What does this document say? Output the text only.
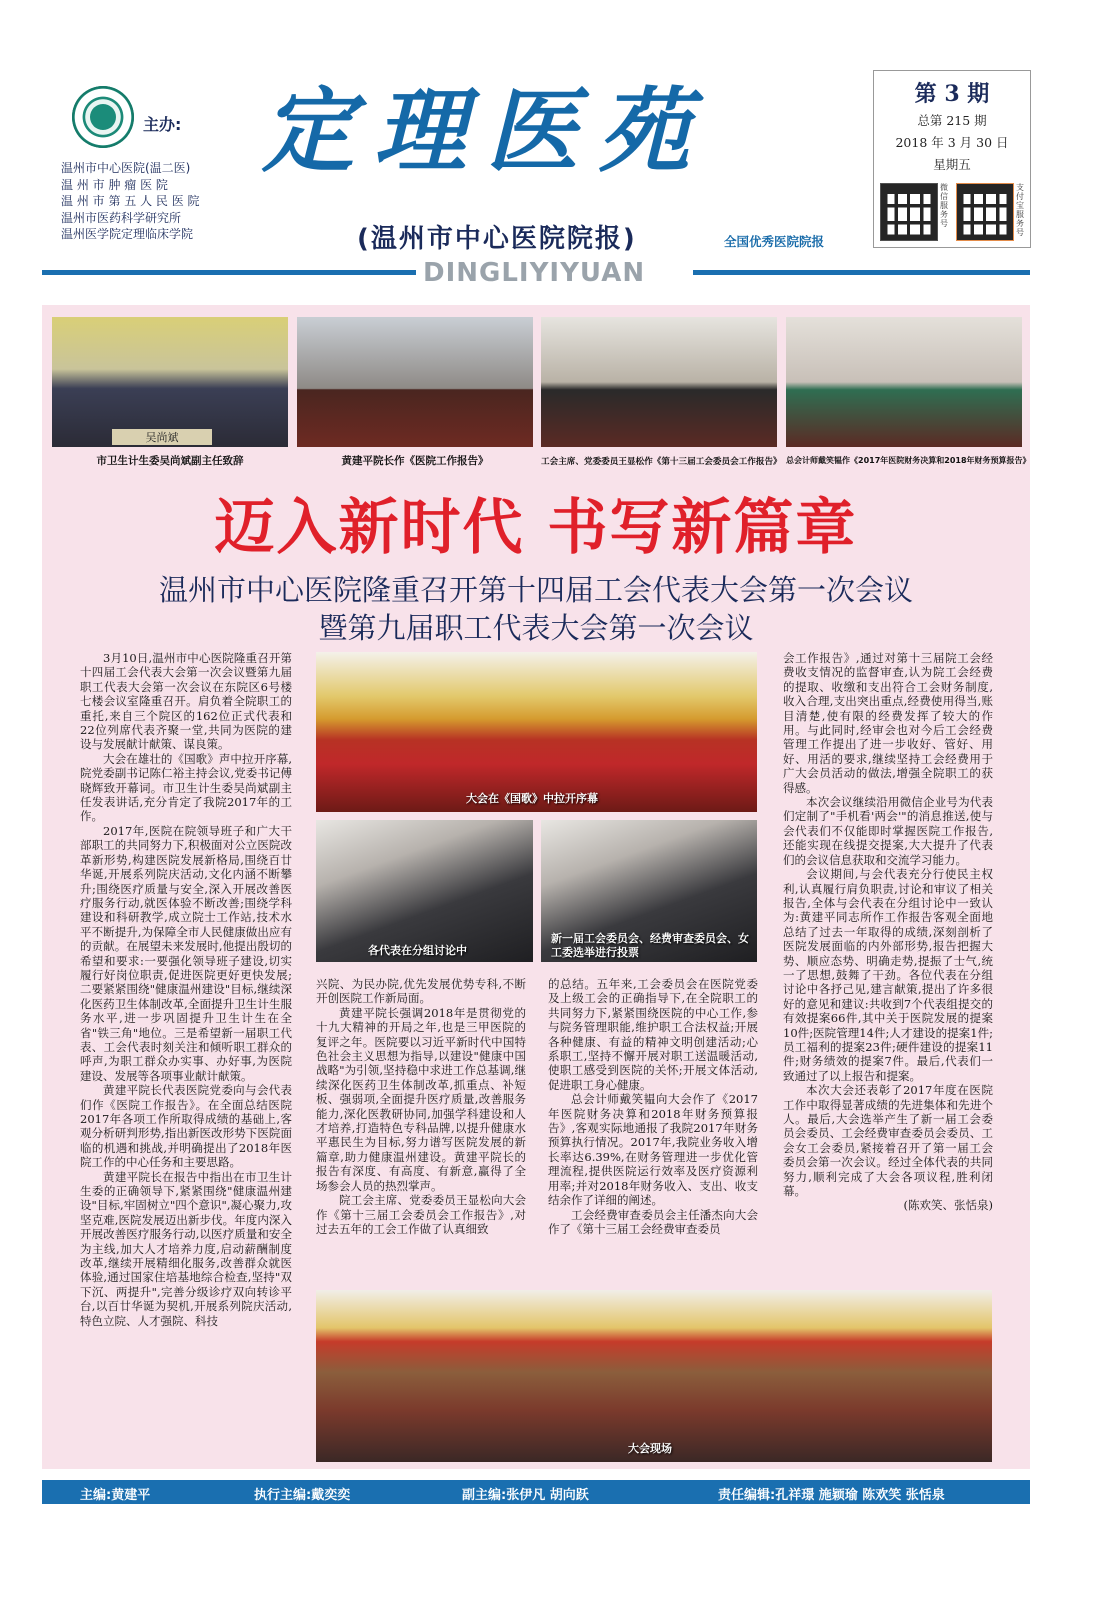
主办:
温州市中心医院(温二医)
温 州 市 肿 瘤 医 院
温 州 市 第 五 人 民 医 院
温州市医药科学研究所
温州医学院定理临床学院
定理医苑
(温州市中心医院院报)	全国优秀医院院报
DINGLIYIYUAN
第 3 期
总第 215 期
2018 年 3 月 30 日
星期五
微信服务号
支付宝服务号
吴尚斌
市卫生计生委吴尚斌副主任致辞	黄建平院长作《医院工作报告》	工会主席、党委委员王显松作《第十三届工会委员会工作报告》 总会计师戴笑韫作《2017年医院财务决算和2018年财务预算报告》
迈入新时代 书写新篇章
温州市中心医院隆重召开第十四届工会代表大会第一次会议
暨第九届职工代表大会第一次会议

3月10日,温州市中心医院隆重召开第十四届工会代表大会第一次会议暨第九届职工代表大会第一次会议在东院区6号楼七楼会议室隆重召开。肩负着全院职工的重托,来自三个院区的162位正式代表和22位列席代表齐聚一堂,共同为医院的建设与发展献计献策、谋良策。

大会在雄壮的《国歌》声中拉开序幕,院党委副书记陈仁裕主持会议,党委书记傅晓辉致开幕词。市卫生计生委吴尚斌副主任发表讲话,充分肯定了我院2017年的工作。

2017年,医院在院领导班子和广大干部职工的共同努力下,积极面对公立医院改革新形势,构建医院发展新格局,围绕百廿华诞,开展系列院庆活动,文化内涵不断攀升;围绕医疗质量与安全,深入开展改善医疗服务行动,就医体验不断改善;围绕学科建设和科研教学,成立院士工作站,技术水平不断提升,为保障全市人民健康做出应有的贡献。在展望未来发展时,他提出殷切的希望和要求:一要强化领导班子建设,切实履行好岗位职责,促进医院更好更快发展;二要紧紧围绕"健康温州建设"目标,继续深化医药卫生体制改革,全面提升卫生计生服务水平,进一步巩固提升卫生计生在全省"铁三角"地位。三是希望新一届职工代表、工会代表时刻关注和倾听职工群众的呼声,为职工群众办实事、办好事,为医院建设、发展等各项事业献计献策。

黄建平院长代表医院党委向与会代表们作《医院工作报告》。在全面总结医院2017年各项工作所取得成绩的基础上,客观分析研判形势,指出新医改形势下医院面临的机遇和挑战,并明确提出了2018年医院工作的中心任务和主要思路。

黄建平院长在报告中指出在市卫生计生委的正确领导下,紧紧围绕"健康温州建设"目标,牢固树立"四个意识",凝心聚力,攻坚克难,医院发展迈出新步伐。年度内深入开展改善医疗服务行动,以医疗质量和安全为主线,加大人才培养力度,启动薪酬制度改革,继续开展精细化服务,改善群众就医体验,通过国家住培基地综合检查,坚持"双下沉、两提升",完善分级诊疗双向转诊平台,以百廿华诞为契机,开展系列院庆活动,特色立院、人才强院、科技

大会在《国歌》中拉开序幕
各代表在分组讨论中
新一届工会委员会、经费审查委员会、女工委选举进行投票

兴院、为民办院,优先发展优势专科,不断开创医院工作新局面。

黄建平院长强调2018年是贯彻党的十九大精神的开局之年,也是三甲医院的复评之年。医院要以习近平新时代中国特色社会主义思想为指导,以建设"健康中国战略"为引领,坚持稳中求进工作总基调,继续深化医药卫生体制改革,抓重点、补短板、强弱项,全面提升医疗质量,改善服务能力,深化医教研协同,加强学科建设和人才培养,打造特色专科品牌,以提升健康水平惠民生为目标,努力谱写医院发展的新篇章,助力健康温州建设。黄建平院长的报告有深度、有高度、有新意,赢得了全场参会人员的热烈掌声。

院工会主席、党委委员王显松向大会作《第十三届工会委员会工作报告》,对过去五年的工会工作做了认真细致

的总结。五年来,工会委员会在医院党委及上级工会的正确指导下,在全院职工的共同努力下,紧紧围绕医院的中心工作,参与院务管理职能,维护职工合法权益;开展各种健康、有益的精神文明创建活动;心系职工,坚持不懈开展对职工送温暖活动,使职工感受到医院的关怀;开展文体活动,促进职工身心健康。

总会计师戴笑韫向大会作了《2017年医院财务决算和2018年财务预算报告》,客观实际地通报了我院2017年财务预算执行情况。2017年,我院业务收入增长率达6.39%,在财务管理进一步优化管理流程,提供医院运行效率及医疗资源利用率;并对2018年财务收入、支出、收支结余作了详细的阐述。

工会经费审查委员会主任潘杰向大会作了《第十三届工会经费审查委员

会工作报告》,通过对第十三届院工会经费收支情况的监督审查,认为院工会经费的提取、收缴和支出符合工会财务制度,收入合理,支出突出重点,经费使用得当,账目清楚,使有限的经费发挥了较大的作用。与此同时,经审会也对今后工会经费管理工作提出了进一步收好、管好、用好、用活的要求,继续坚持工会经费用于广大会员活动的做法,增强全院职工的获得感。

本次会议继续沿用微信企业号为代表们定制了"手机看'两会'"的消息推送,使与会代表们不仅能即时掌握医院工作报告,还能实现在线提交提案,大大提升了代表们的会议信息获取和交流学习能力。

会议期间,与会代表充分行使民主权利,认真履行肩负职责,讨论和审议了相关报告,全体与会代表在分组讨论中一致认为:黄建平同志所作工作报告客观全面地总结了过去一年取得的成绩,深刻剖析了医院发展面临的内外部形势,报告把握大势、顺应态势、明确走势,提振了士气,统一了思想,鼓舞了干劲。各位代表在分组讨论中各抒己见,建言献策,提出了许多很好的意见和建议:共收到7个代表组提交的有效提案66件,其中关于医院发展的提案10件;医院管理14件;人才建设的提案1件;员工福利的提案23件;硬件建设的提案11件;财务绩效的提案7件。最后,代表们一致通过了以上报告和提案。

本次大会还表彰了2017年度在医院工作中取得显著成绩的先进集体和先进个人。最后,大会选举产生了新一届工会委员会委员、工会经费审查委员会委员、工会女工会委员,紧接着召开了第一届工会委员会第一次会议。经过全体代表的共同努力,顺利完成了大会各项议程,胜利闭幕。

(陈欢笑、张恬泉)
大会现场
主编:黄建平	执行主编:戴奕奕	副主编:张伊凡 胡向跃	责任编辑:孔祥璟 施颖瑜 陈欢笑 张恬泉
